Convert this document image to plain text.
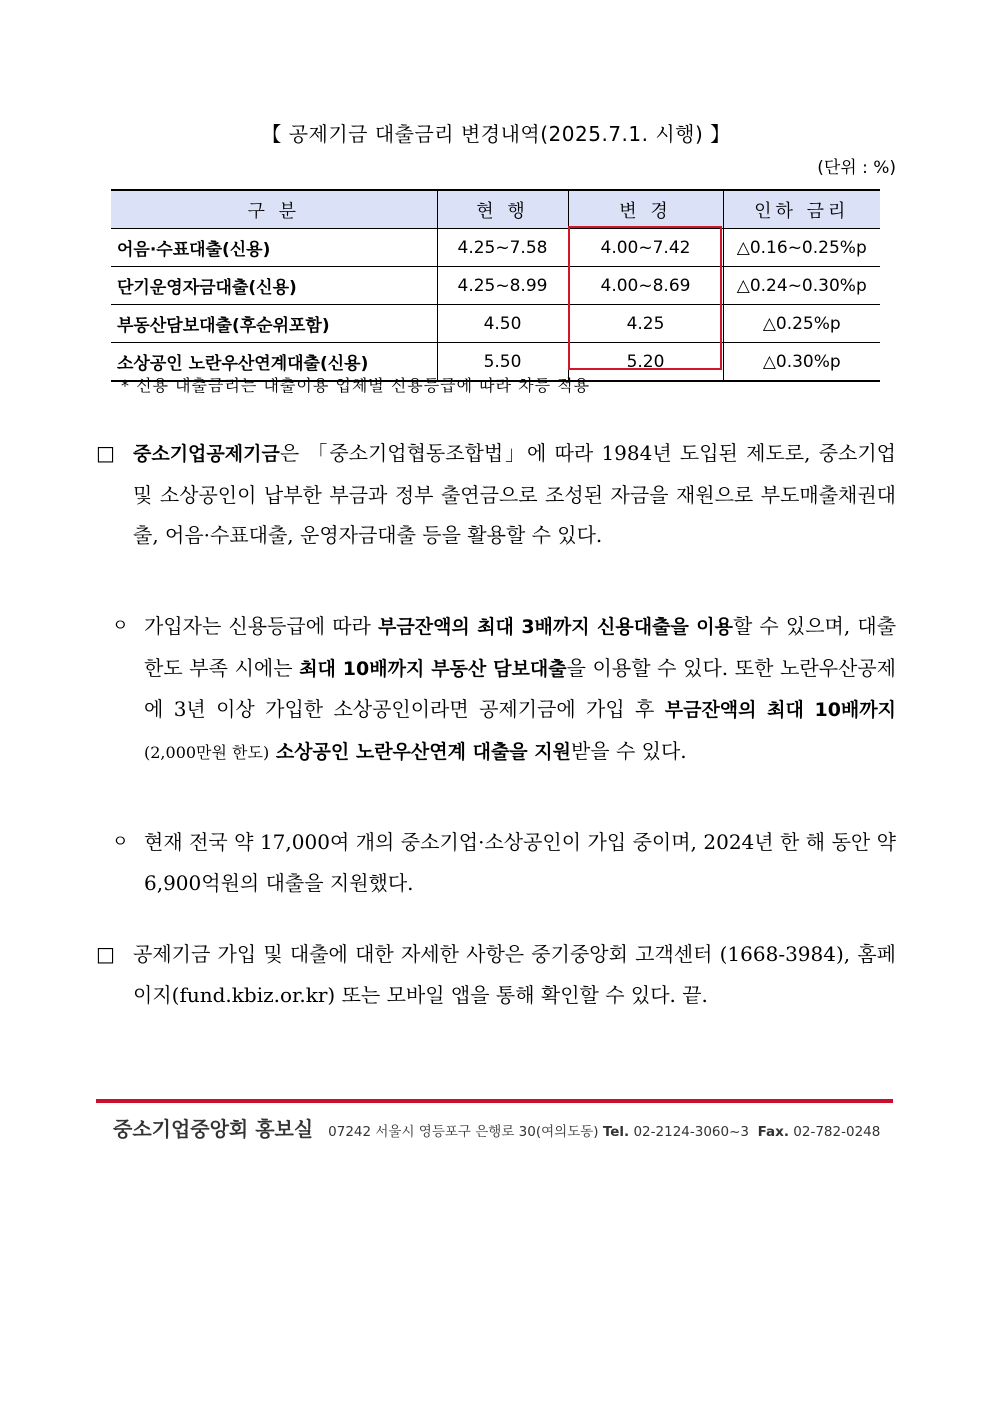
【 공제기금 대출금리 변경내역(2025.7.1. 시행) 】
(단위 : %)
구 분	현 행	변 경	인하 금리
어음·수표대출(신용)	4.25~7.58	4.00~7.42	△0.16~0.25%p
단기운영자금대출(신용)	4.25~8.99	4.00~8.69	△0.24~0.30%p
부동산담보대출(후순위포함)	4.50	4.25	△0.25%p
소상공인 노란우산연계대출(신용)	5.50	5.20	△0.30%p
* 신용 대출금리는 대출이용 업체별 신용등급에 따라 차등 적용
□ 중소기업공제기금은 「중소기업협동조합법」에 따라 1984년 도입된 제도로, 중소기업 및 소상공인이 납부한 부금과 정부 출연금으로 조성된 자금을 재원으로 부도매출채권대출, 어음·수표대출, 운영자금대출 등을 활용할 수 있다.
ㅇ 가입자는 신용등급에 따라 부금잔액의 최대 3배까지 신용대출을 이용할 수 있으며, 대출한도 부족 시에는 최대 10배까지 부동산 담보대출을 이용할 수 있다. 또한 노란우산공제에 3년 이상 가입한 소상공인이라면 공제기금에 가입 후 부금잔액의 최대 10배까지(2,000만원 한도) 소상공인 노란우산연계 대출을 지원받을 수 있다.
ㅇ 현재 전국 약 17,000여 개의 중소기업·소상공인이 가입 중이며, 2024년 한 해 동안 약 6,900억원의 대출을 지원했다.
□ 공제기금 가입 및 대출에 대한 자세한 사항은 중기중앙회 고객센터 (1668-3984), 홈페이지(fund.kbiz.or.kr) 또는 모바일 앱을 통해 확인할 수 있다. 끝.
중소기업중앙회 홍보실 07242 서울시 영등포구 은행로 30(여의도동) Tel. 02-2124-3060~3 Fax. 02-782-0248
